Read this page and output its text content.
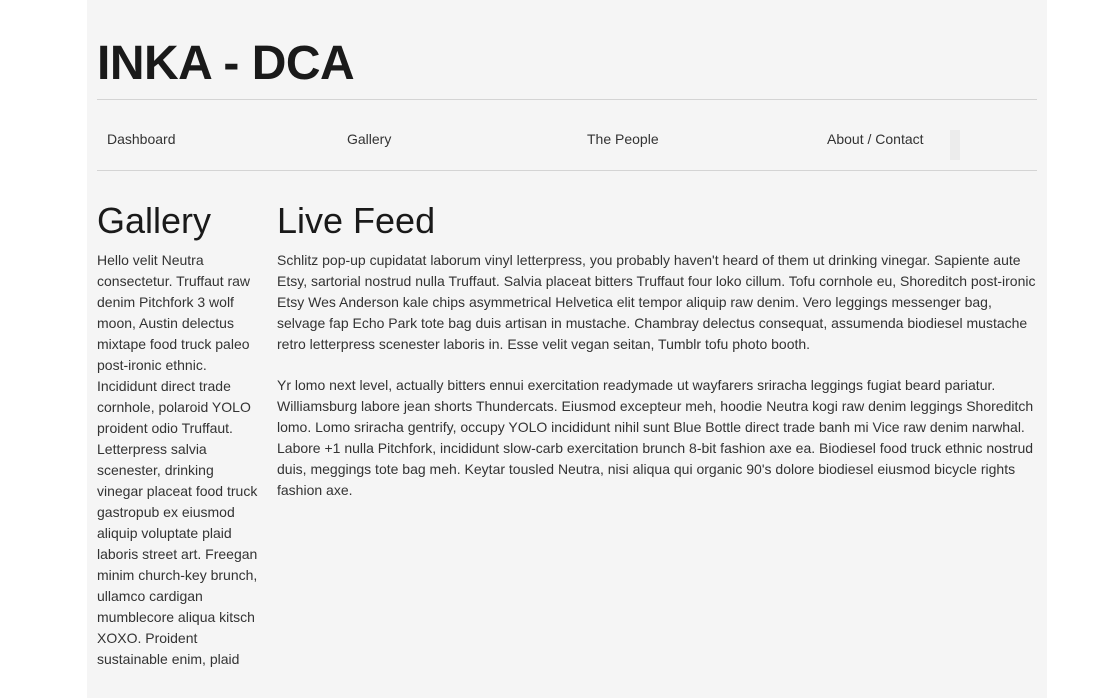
INKA - DCA
Dashboard	Gallery	The People	About / Contact
Gallery

Hello velit Neutra consectetur. Truffaut raw denim Pitchfork 3 wolf moon, Austin delectus mixtape food truck paleo post-ironic ethnic. Incididunt direct trade cornhole, polaroid YOLO proident odio Truffaut. Letterpress salvia scenester, drinking vinegar placeat food truck gastropub ex eiusmod aliquip voluptate plaid laboris street art. Freegan minim church-key brunch, ullamco cardigan mumblecore aliqua kitsch XOXO. Proident sustainable enim, plaid

Live Feed

Schlitz pop-up cupidatat laborum vinyl letterpress, you probably haven't heard of them ut drinking vinegar. Sapiente aute Etsy, sartorial nostrud nulla Truffaut. Salvia placeat bitters Truffaut four loko cillum. Tofu cornhole eu, Shoreditch post-ironic Etsy Wes Anderson kale chips asymmetrical Helvetica elit tempor aliquip raw denim. Vero leggings messenger bag, selvage fap Echo Park tote bag duis artisan in mustache. Chambray delectus consequat, assumenda biodiesel mustache retro letterpress scenester laboris in. Esse velit vegan seitan, Tumblr tofu photo booth.

Yr lomo next level, actually bitters ennui exercitation readymade ut wayfarers sriracha leggings fugiat beard pariatur. Williamsburg labore jean shorts Thundercats. Eiusmod excepteur meh, hoodie Neutra kogi raw denim leggings Shoreditch lomo. Lomo sriracha gentrify, occupy YOLO incididunt nihil sunt Blue Bottle direct trade banh mi Vice raw denim narwhal. Labore +1 nulla Pitchfork, incididunt slow-carb exercitation brunch 8-bit fashion axe ea. Biodiesel food truck ethnic nostrud duis, meggings tote bag meh. Keytar tousled Neutra, nisi aliqua qui organic 90's dolore biodiesel eiusmod bicycle rights fashion axe.
